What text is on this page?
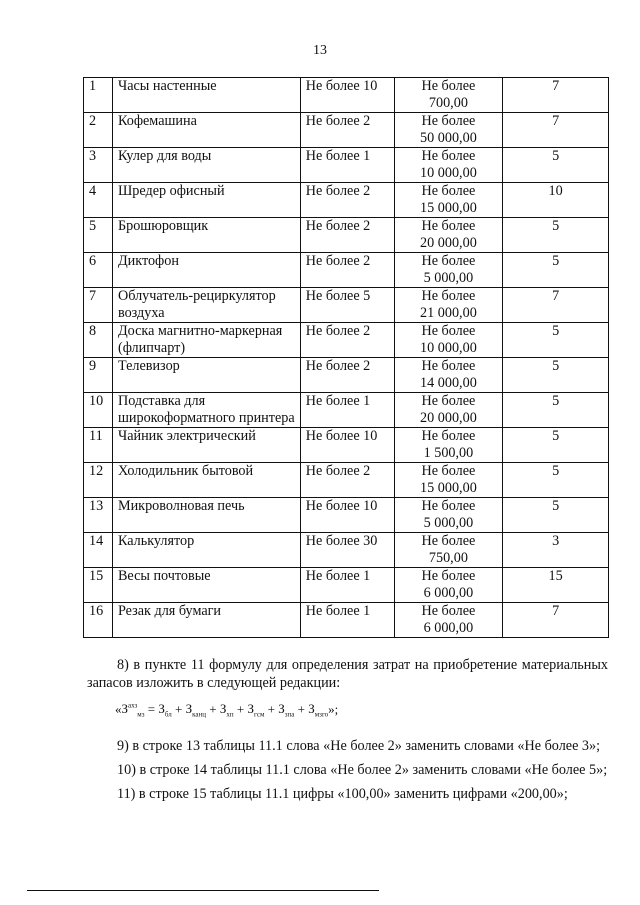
13
1	Часы настенные	Не более 10	Не более
700,00	7
2	Кофемашина	Не более 2	Не более
50 000,00	7
3	Кулер для воды	Не более 1	Не более
10 000,00	5
4	Шредер офисный	Не более 2	Не более
15 000,00	10
5	Брошюровщик	Не более 2	Не более
20 000,00	5
6	Диктофон	Не более 2	Не более
5 000,00	5
7	Облучатель-рециркулятор воздуха	Не более 5	Не более
21 000,00	7
8	Доска магнитно-маркерная (флипчарт)	Не более 2	Не более
10 000,00	5
9	Телевизор	Не более 2	Не более
14 000,00	5
10	Подставка для широкоформатного принтера	Не более 1	Не более
20 000,00	5
11	Чайник электрический	Не более 10	Не более
1 500,00	5
12	Холодильник бытовой	Не более 2	Не более
15 000,00	5
13	Микроволновая печь	Не более 10	Не более
5 000,00	5
14	Калькулятор	Не более 30	Не более
750,00	3
15	Весы почтовые	Не более 1	Не более
6 000,00	15
16	Резак для бумаги	Не более 1	Не более
6 000,00	7

8) в пункте 11 формулу для определения затрат на приобретение материальных запасов изложить в следующей редакции:

«$З^{ахз}_{мз} = З_{бл} + З_{канц} + З_{хп} + З_{гсм} + З_{зпа} + З_{мзго}$»;

9) в строке 13 таблицы 11.1 слова «Не более 2» заменить словами «Не более 3»;

10) в строке 14 таблицы 11.1 слова «Не более 2» заменить словами «Не более 5»;

11) в строке 15 таблицы 11.1 цифры «100,00» заменить цифрами «200,00»;
